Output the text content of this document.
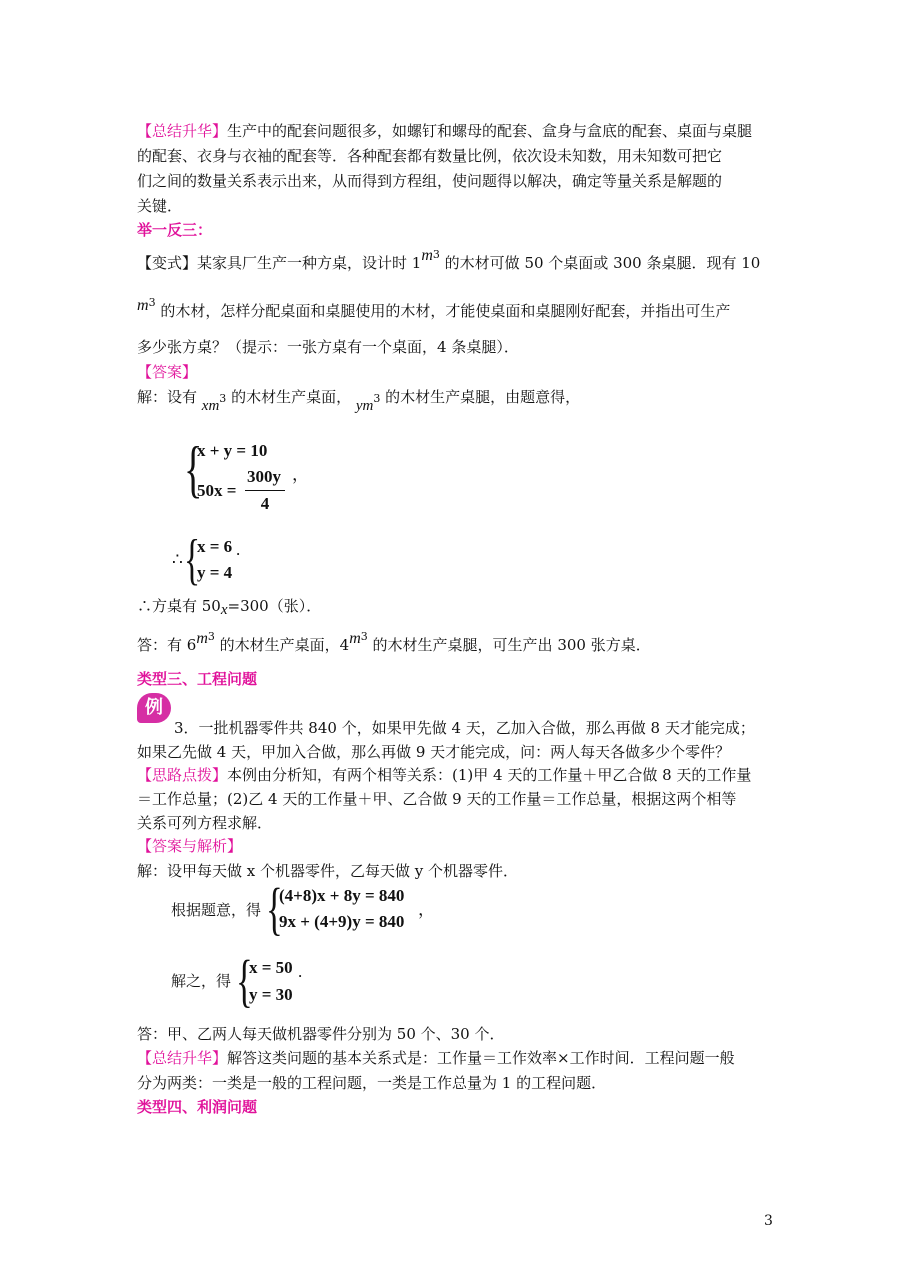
【总结升华】生产中的配套问题很多，如螺钉和螺母的配套、盒身与盒底的配套、桌面与桌腿
的配套、衣身与衣袖的配套等．各种配套都有数量比例，依次设未知数，用未知数可把它
们之间的数量关系表示出来，从而得到方程组，使问题得以解决，确定等量关系是解题的
关键．
举一反三：
【变式】某家具厂生产一种方桌，设计时 $1m^3$ 的木材可做 50 个桌面或 300 条桌腿．现有 10
$m^3$ 的木材，怎样分配桌面和桌腿使用的木材，才能使桌面和桌腿刚好配套，并指出可生产
多少张方桌？（提示：一张方桌有一个桌面，4 条桌腿）．
【答案】
解：设有 xm3 的木材生产桌面， ym3 的木材生产桌腿，由题意得，
{
x + y = 10
50x =
300y
4
，
∴ {
x = 6
y = 4
.
∴方桌有 50x=300（张）．
答：有 $6m^3$ 的木材生产桌面，$4m^3$ 的木材生产桌腿，可生产出 300 张方桌．
类型三、工程问题
例
3．一批机器零件共 840 个，如果甲先做 4 天，乙加入合做，那么再做 8 天才能完成；
如果乙先做 4 天，甲加入合做，那么再做 9 天才能完成，问：两人每天各做多少个零件？
【思路点拨】本例由分析知，有两个相等关系：(1)甲 4 天的工作量＋甲乙合做 8 天的工作量
＝工作总量；(2)乙 4 天的工作量＋甲、乙合做 9 天的工作量＝工作总量，根据这两个相等
关系可列方程求解．
【答案与解析】
解：设甲每天做 x 个机器零件，乙每天做 y 个机器零件．
根据题意，得 {
(4+8)x + 8y = 840
9x + (4+9)y = 840
，
解之，得 {
x = 50
y = 30
.
答：甲、乙两人每天做机器零件分别为 50 个、30 个．
【总结升华】解答这类问题的基本关系式是：工作量＝工作效率×工作时间．工程问题一般
分为两类：一类是一般的工程问题，一类是工作总量为 1 的工程问题．
类型四、利润问题
3
